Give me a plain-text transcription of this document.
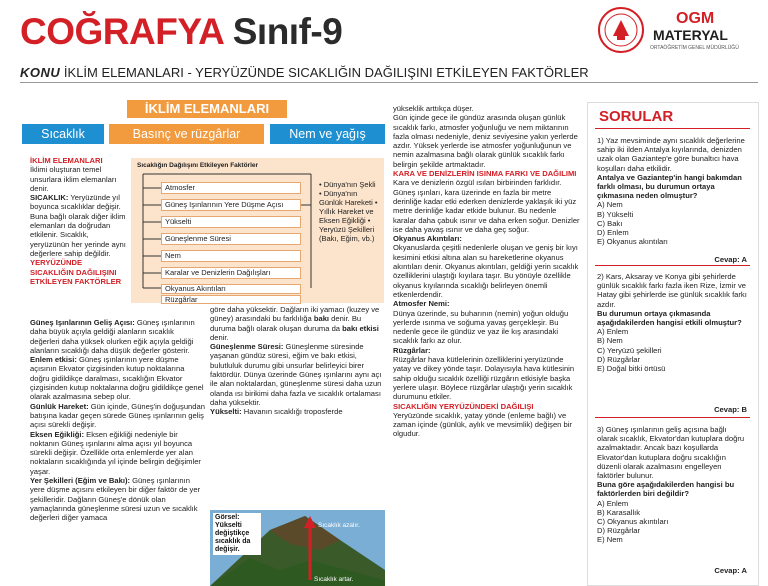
COĞRAFYA Sınıf-9	OGM
MATERYAL
ORTAÖĞRETİM GENEL MÜDÜRLÜĞÜ
KONU İKLİM ELEMANLARI - YERYÜZÜNDE SICAKLIĞIN DAĞILIŞINI ETKİLEYEN FAKTÖRLER
İKLİM ELEMANLARI
Sıcaklık	Basınç ve rüzgârlar	Nem ve yağış

İKLİM ELEMANLARI

İklimi oluşturan temel unsurlara iklim elemanları denir.

SICAKLIK: Yeryüzünde yıl boyunca sıcaklıklar değişir. Buna bağlı olarak diğer iklim elemanları da doğrudan etkilenir. Sıcaklık, yeryüzünün her yerinde aynı değerlere sahip değildir.

YERYÜZÜNDE SICAKLIĞIN DAĞILIŞINI ETKİLEYEN FAKTÖRLER

Güneş Işınlarının Geliş Açısı: Güneş ışınlarının daha büyük açıyla geldiği alanların sıcaklık değerleri daha yüksek olurken eğik açıyla geldiği alanların sıcaklığı daha düşük değerler gösterir.

Enlem etkisi: Güneş ışınlarının yere düşme açısının Ekvator çizgisinden kutup noktalarına doğru gidildikçe daralması, sıcaklığın Ekvator çizgisinden kutup noktalarına doğru gidildikçe genel olarak azalmasına sebep olur.

Günlük Hareket: Gün içinde, Güneş'in doğuşundan batışına kadar geçen sürede Güneş ışınlarının geliş açısı sürekli değişir.

Eksen Eğikliği: Eksen eğikliği nedeniyle bir noktanın Güneş ışınlarını alma açısı yıl boyunca sürekli değişir. Özellikle orta enlemlerde yer alan noktaların sıcaklığında yıl içinde belirgin değişimler yaşar.

Yer Şekilleri (Eğim ve Bakı): Güneş ışınlarının yere düşme açısını etkileyen bir diğer faktör de yer şekilleridir. Dağların Güneş'e dönük olan yamaçlarında güneşlenme süresi uzun ve sıcaklık değerleri diğer yamaca

Sıcaklığın Dağılışını Etkileyen Faktörler
Atmosfer
Güneş Işınlarının Yere Düşme Açısı
Yükselti
Güneşlenme Süresi
Nem
Karalar ve Denizlerin Dağılışları
Okyanus Akıntıları
Rüzgârlar
• Dünya'nın Şekli • Dünya'nın Günlük Hareketi • Yıllık Hareket ve Eksen Eğikliği • Yeryüzü Şekilleri (Bakı, Eğim, vb.)

göre daha yüksektir. Dağların iki yamacı (kuzey ve güney) arasındaki bu farklılığa bakı denir. Bu duruma bağlı olarak oluşan duruma da bakı etkisi denir.

Güneşlenme Süresi: Güneşlenme süresinde yaşanan gündüz süresi, eğim ve bakı etkisi, bulutluluk durumu gibi unsurlar belirleyici birer faktördür. Dünya üzerinde Güneş ışınlarını aynı açı ile alan noktalardan, güneşlenme süresi daha uzun olanda ısı birikimi daha fazla ve sıcaklık ortalaması daha yüksektir.

Yükselti: Havanın sıcaklığı troposferde

Görsel: Yükselti değiştikçe sıcaklık da değişir.
Sıcaklık azalır.
Sıcaklık artar.

yükseklik arttıkça düşer.

Gün içinde gece ile gündüz arasında oluşan günlük sıcaklık farkı, atmosfer yoğunluğu ve nem miktarının fazla olması nedeniyle, deniz seviyesine yakın yerlerde azdır. Yüksek yerlerde ise atmosfer yoğunluğunun ve nemin azalmasına bağlı olarak günlük sıcaklık farkı belirgin şekilde artmaktadır.

KARA VE DENİZLERİN ISINMA FARKI VE DAĞILIMI

Kara ve denizlerin özgül ısıları birbirinden farklıdır. Güneş ışınları, kara üzerinde en fazla bir metre derinliğe kadar etki ederken denizlerde yaklaşık iki yüz metre derinliğe kadar etkide bulunur. Bu nedenle karalar daha çabuk ısınır ve daha erken soğur. Denizler ise daha yavaş ısınır ve daha geç soğur.

Okyanus Akıntıları:

Okyanuslarda çeşitli nedenlerle oluşan ve geniş bir kıyı kesimini etkisi altına alan su hareketlerine okyanus akıntıları denir. Okyanus akıntıları, geldiği yerin sıcaklık özelliklerini ulaştığı kıyılara taşır. Bu yönüyle özellikle okyanus kıyılarında sıcaklığı belirleyen önemli etkenlerdendir.

Atmosfer Nemi:

Dünya üzerinde, su buharının (nemin) yoğun olduğu yerlerde ısınma ve soğuma yavaş gerçekleşir. Bu nedenle gece ile gündüz ve yaz ile kış arasındaki sıcaklık farkı az olur.

Rüzgârlar:

Rüzgârlar hava kütlelerinin özelliklerini yeryüzünde yatay ve dikey yönde taşır. Dolayısıyla hava kütlesinin sahip olduğu sıcaklık özelliği rüzgârın etkisiyle başka yerlere ulaşır. Böylece rüzgârlar ulaştığı yerin sıcaklık durumunu etkiler.

SICAKLIĞIN YERYÜZÜNDEKİ DAĞILIŞI

Yeryüzünde sıcaklık, yatay yönde (enleme bağlı) ve zaman içinde (günlük, aylık ve mevsimlik) değişen bir olgudur.

SORULAR

1) Yaz mevsiminde aynı sıcaklık değerlerine sahip iki ilden Antalya kıyılarında, denizden uzak olan Gaziantep'e göre bunaltıcı hava koşulları daha etkilidir.

Antalya ve Gaziantep'in hangi bakımdan farklı olması, bu durumun ortaya çıkmasına neden olmuştur?

A) Nem

B) Yükselti

C) Bakı

D) Enlem

E) Okyanus akıntıları

Cevap: A

2) Kars, Aksaray ve Konya gibi şehirlerde günlük sıcaklık farkı fazla iken Rize, İzmir ve Hatay gibi şehirlerde ise günlük sıcaklık farkı azdır.

Bu durumun ortaya çıkmasında aşağıdakilerden hangisi etkili olmuştur?

A) Enlem

B) Nem

C) Yeryüzü şekilleri

D) Rüzgârlar

E) Doğal bitki örtüsü

Cevap: B

3) Güneş ışınlarının geliş açısına bağlı olarak sıcaklık, Ekvator'dan kutuplara doğru azalmaktadır. Ancak bazı koşullarda Ekvator'dan kutuplara doğru sıcaklığın düzenli olarak azalmasını engelleyen faktörler bulunur.

Buna göre aşağıdakilerden hangisi bu faktörlerden biri değildir?

A) Enlem

B) Karasallık

C) Okyanus akıntıları

D) Rüzgârlar

E) Nem

Cevap: A
